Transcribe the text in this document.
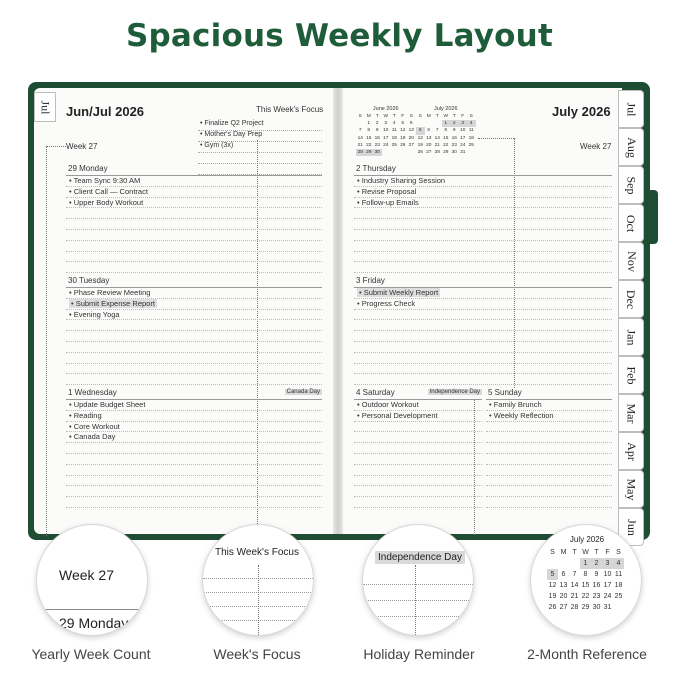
Spacious Weekly Layout
Jul	Jul
Aug
Sep
Oct
Nov
Dec
Jan
Feb
Mar
Apr
May
Jun
Jun/Jul 2026	This Week's Focus
• Finalize Q2 Project
• Mother's Day Prep
• Gym (3x)
Week 27
July 2026
Week 27
June 2026
S	M	T	W	T	F	S
	1	2	3	4	5	6
7	8	9	10	11	12	13
14	15	16	17	18	19	20
21	22	23	24	25	26	27
28	29	30				
July 2026
S	M	T	W	T	F	S
			1	2	3	4
5	6	7	8	9	10	11
12	13	14	15	16	17	18
19	20	21	22	23	24	25
26	27	28	29	30	31	
29 Monday
• Team Sync 9:30 AM
• Client Call — Contract
• Upper Body Workout
30 Tuesday
• Phase Review Meeting
• Submit Expense Report
• Evening Yoga
1 Wednesday	Canada Day
• Update Budget Sheet
• Reading
• Core Workout
• Canada Day
2 Thursday
• Industry Sharing Session
• Revise Proposal
• Follow-up Emails
3 Friday
• Submit Weekly Report
• Progress Check
4 Saturday	Independence Day
• Outdoor Workout
• Personal Development
5 Sunday
• Family Brunch
• Weekly Reflection
Week 27
29 Monday
This Week's Focus	Independence Day
July 2026
S	M	T	W	T	F	S
			1	2	3	4
5	6	7	8	9	10	11
12	13	14	15	16	17	18
19	20	21	22	23	24	25
26	27	28	29	30	31	
Yearly Week Count	Week's Focus	Holiday Reminder	2-Month Reference
